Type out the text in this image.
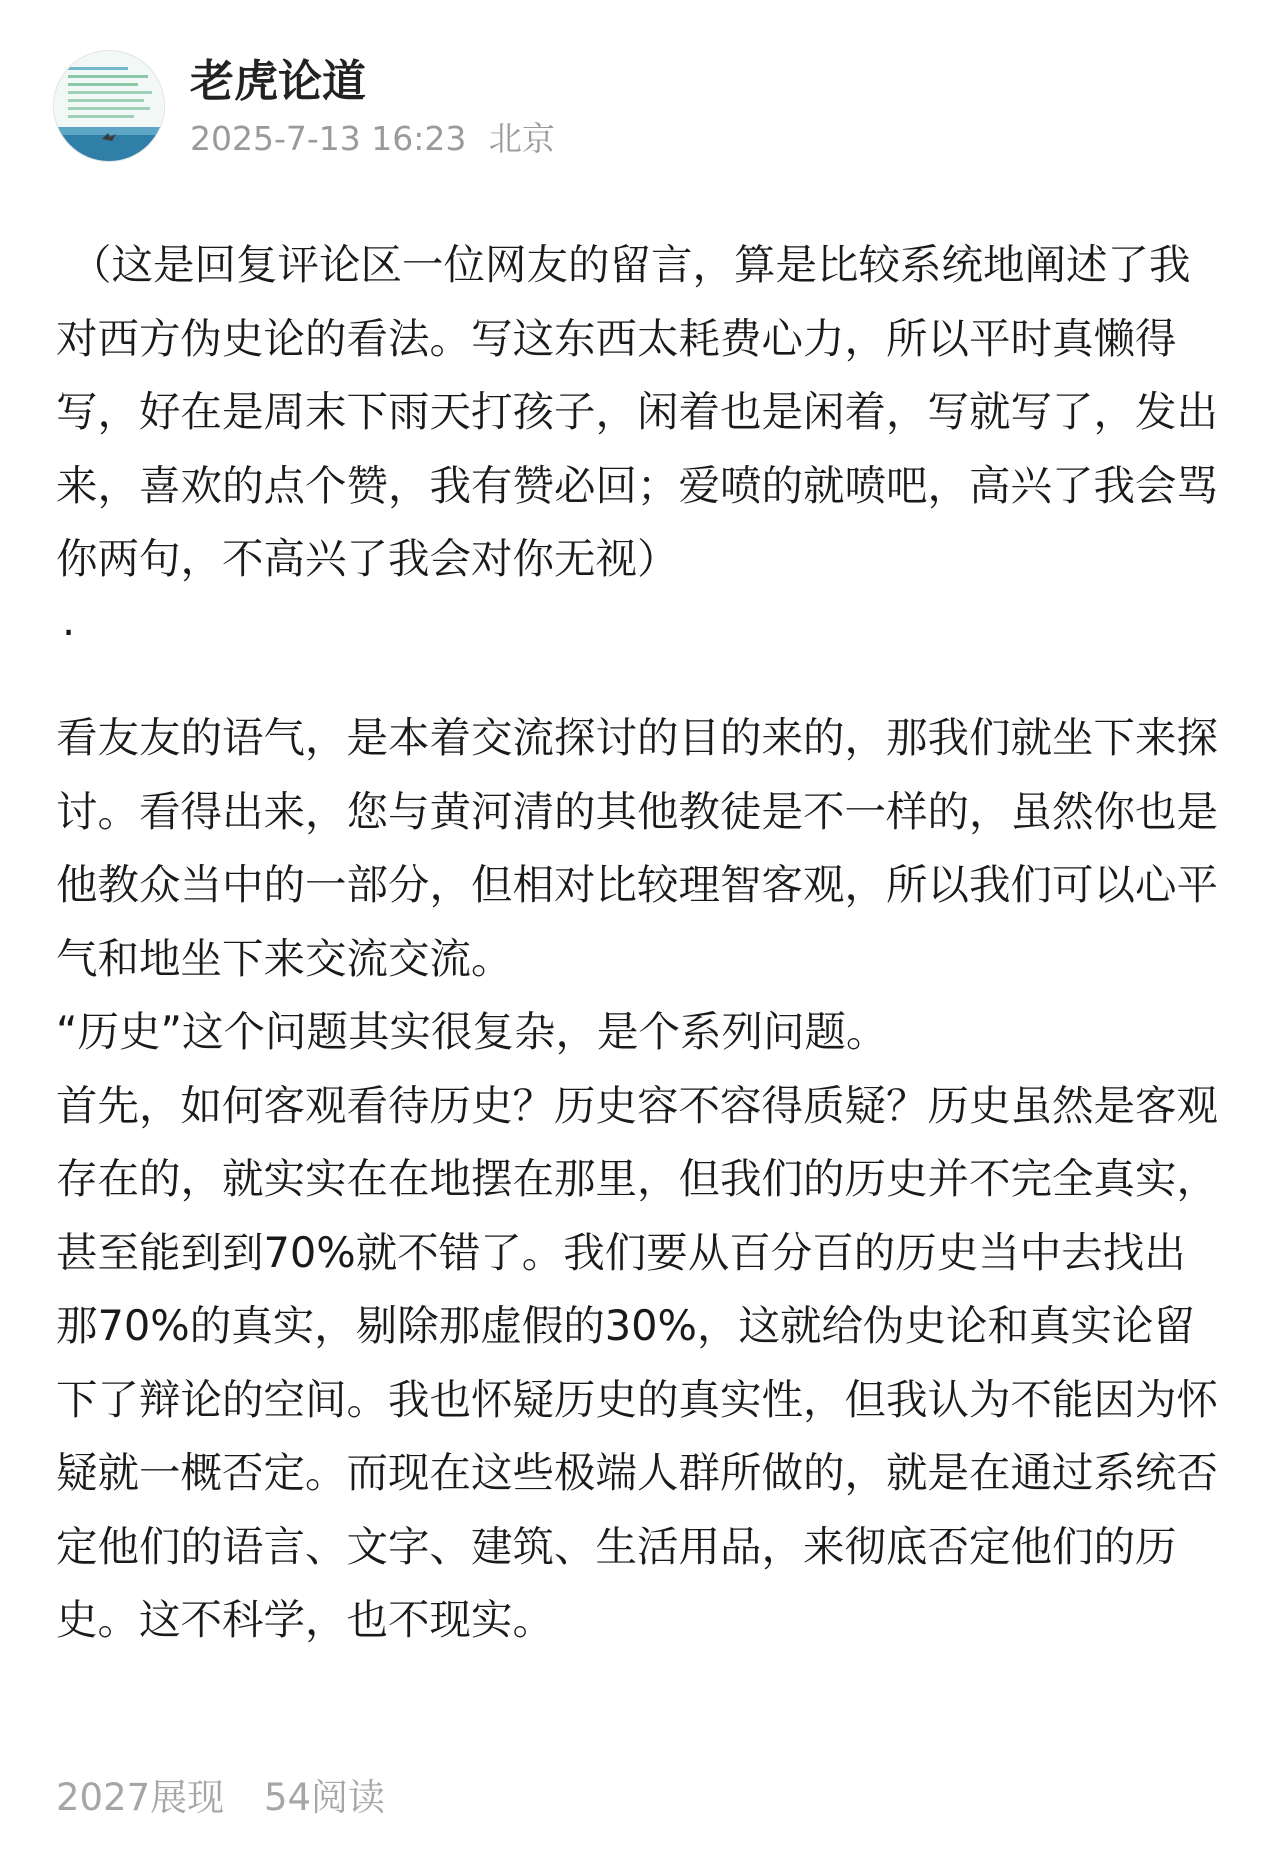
老虎论道
2025-7-13 16:23 北京

（这是回复评论区一位网友的留言，算是比较系统地阐述了我对西方伪史论的看法。写这东西太耗费心力，所以平时真懒得写，好在是周末下雨天打孩子，闲着也是闲着，写就写了，发出来，喜欢的点个赞，我有赞必回；爱喷的就喷吧，高兴了我会骂你两句，不高兴了我会对你无视）

·

看友友的语气，是本着交流探讨的目的来的，那我们就坐下来探讨。看得出来，您与黄河清的其他教徒是不一样的，虽然你也是他教众当中的一部分，但相对比较理智客观，所以我们可以心平气和地坐下来交流交流。

“历史”这个问题其实很复杂，是个系列问题。

首先，如何客观看待历史？历史容不容得质疑？历史虽然是客观存在的，就实实在在地摆在那里，但我们的历史并不完全真实，甚至能到到70%就不错了。我们要从百分百的历史当中去找出那70%的真实，剔除那虚假的30%，这就给伪史论和真实论留下了辩论的空间。我也怀疑历史的真实性，但我认为不能因为怀疑就一概否定。而现在这些极端人群所做的，就是在通过系统否定他们的语言、文字、建筑、生活用品，来彻底否定他们的历史。这不科学，也不现实。

2027展现 54阅读
